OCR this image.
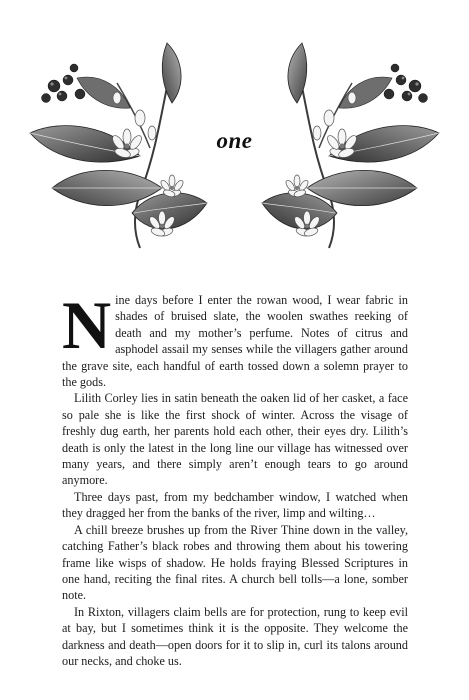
one

Nine days before I enter the rowan wood, I wear fabric in shades of bruised slate, the woolen swathes reeking of death and my mother’s perfume. Notes of citrus and asphodel assail my senses while the villagers gather around the grave site, each handful of earth tossed down a solemn prayer to the gods.

Lilith Corley lies in satin beneath the oaken lid of her casket, a face so pale she is like the first shock of winter. Across the visage of freshly dug earth, her parents hold each other, their eyes dry. Lilith’s death is only the latest in the long line our village has witnessed over many years, and there simply aren’t enough tears to go around anymore.

Three days past, from my bedchamber window, I watched when they dragged her from the banks of the river, limp and wilting…

A chill breeze brushes up from the River Thine down in the valley, catching Father’s black robes and throwing them about his towering frame like wisps of shadow. He holds fraying Blessed Scriptures in one hand, reciting the final rites. A church bell tolls—a lone, somber note.

In Rixton, villagers claim bells are for protection, rung to keep evil at bay, but I sometimes think it is the opposite. They welcome the darkness and death—open doors for it to slip in, curl its talons around our necks, and choke us.
